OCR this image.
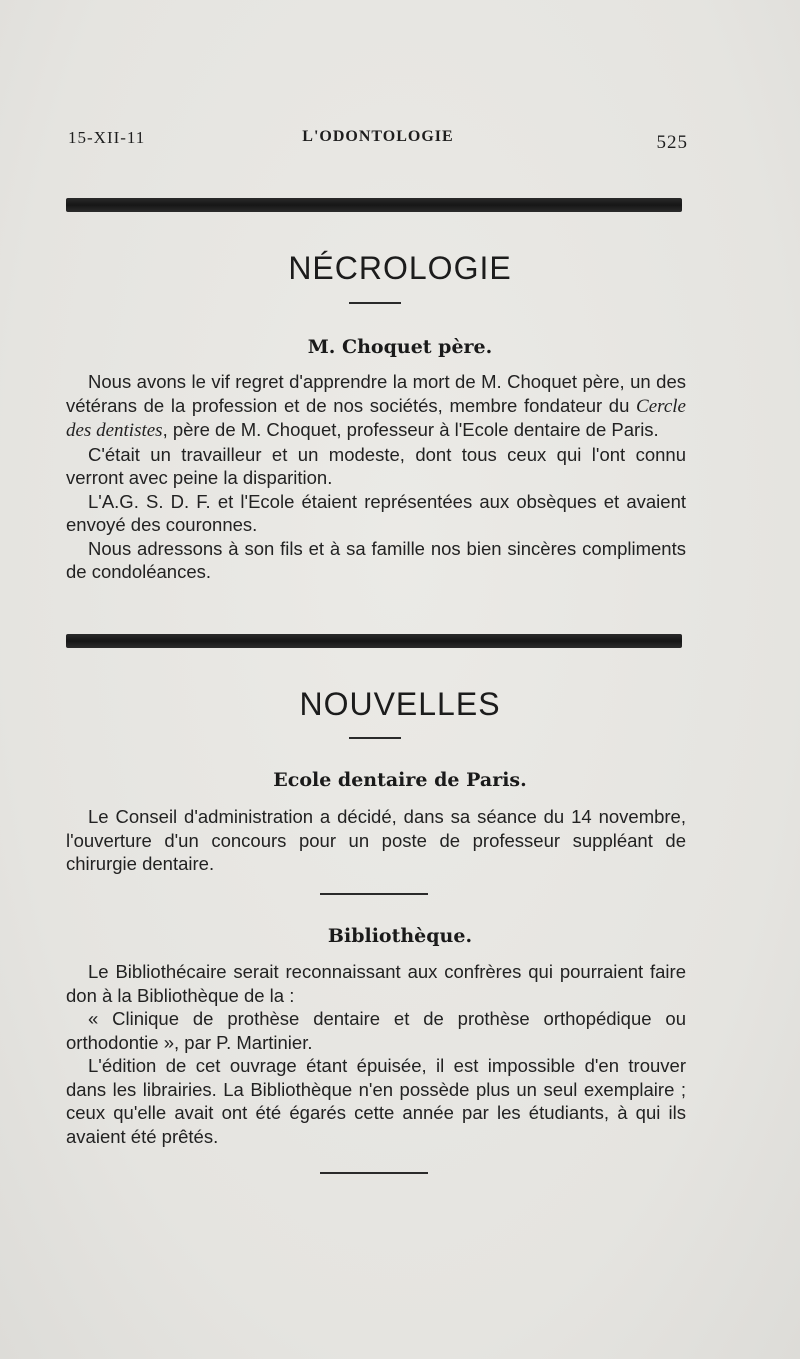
15-XII-11	L'ODONTOLOGIE	525
NÉCROLOGIE
M. Choquet père.

Nous avons le vif regret d'apprendre la mort de M. Choquet père, un des vétérans de la profession et de nos sociétés, membre fondateur du Cercle des dentistes, père de M. Choquet, professeur à l'Ecole dentaire de Paris.

C'était un travailleur et un modeste, dont tous ceux qui l'ont connu verront avec peine la disparition.

L'A.G. S. D. F. et l'Ecole étaient représentées aux obsèques et avaient envoyé des couronnes.

Nous adressons à son fils et à sa famille nos bien sincères compliments de condoléances.

NOUVELLES
Ecole dentaire de Paris.

Le Conseil d'administration a décidé, dans sa séance du 14 novembre, l'ouverture d'un concours pour un poste de professeur suppléant de chirurgie dentaire.

Bibliothèque.

Le Bibliothécaire serait reconnaissant aux confrères qui pourraient faire don à la Bibliothèque de la :

« Clinique de prothèse dentaire et de prothèse orthopédique ou orthodontie », par P. Martinier.

L'édition de cet ouvrage étant épuisée, il est impossible d'en trouver dans les librairies. La Bibliothèque n'en possède plus un seul exemplaire ; ceux qu'elle avait ont été égarés cette année par les étudiants, à qui ils avaient été prêtés.
